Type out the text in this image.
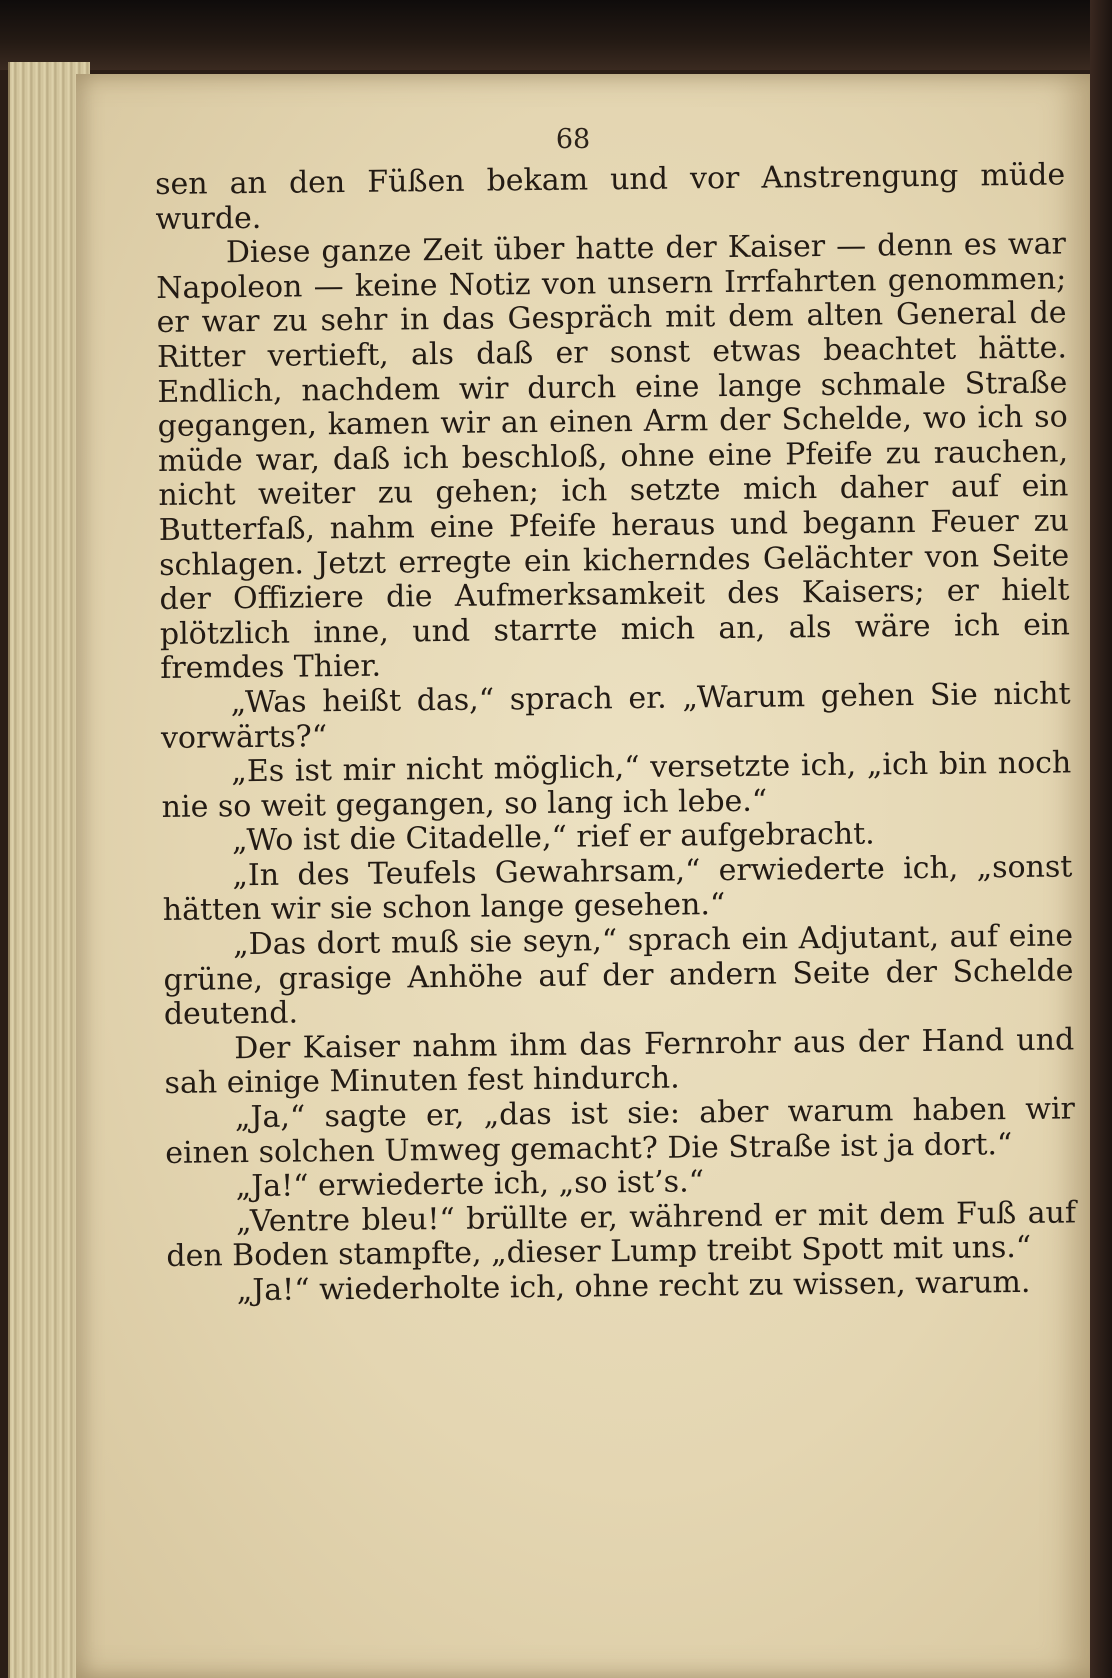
68

sen an den Füßen bekam und vor Anstrengung müde wurde.

Diese ganze Zeit über hatte der Kaiser — denn es war Napoleon — keine Notiz von unsern Irrfahrten genommen; er war zu sehr in das Gespräch mit dem alten General de Ritter vertieft, als daß er sonst etwas beachtet hätte. Endlich, nachdem wir durch eine lange schmale Straße gegangen, kamen wir an einen Arm der Schelde, wo ich so müde war, daß ich beschloß, ohne eine Pfeife zu rauchen, nicht weiter zu gehen; ich setzte mich daher auf ein Butterfaß, nahm eine Pfeife heraus und begann Feuer zu schlagen. Jetzt erregte ein kicherndes Gelächter von Seite der Offiziere die Aufmerksamkeit des Kaisers; er hielt plötzlich inne, und starrte mich an, als wäre ich ein fremdes Thier.

„Was heißt das,“ sprach er. „Warum gehen Sie nicht vorwärts?“

„Es ist mir nicht möglich,“ versetzte ich, „ich bin noch nie so weit gegangen, so lang ich lebe.“

„Wo ist die Citadelle,“ rief er aufgebracht.

„In des Teufels Gewahrsam,“ erwiederte ich, „sonst hätten wir sie schon lange gesehen.“

„Das dort muß sie seyn,“ sprach ein Adjutant, auf eine grüne, grasige Anhöhe auf der andern Seite der Schelde deutend.

Der Kaiser nahm ihm das Fernrohr aus der Hand und sah einige Minuten fest hindurch.

„Ja,“ sagte er, „das ist sie: aber warum haben wir einen solchen Umweg gemacht? Die Straße ist ja dort.“

„Ja!“ erwiederte ich, „so ist’s.“

„Ventre bleu!“ brüllte er, während er mit dem Fuß auf den Boden stampfte, „dieser Lump treibt Spott mit uns.“

„Ja!“ wiederholte ich, ohne recht zu wissen, warum.
